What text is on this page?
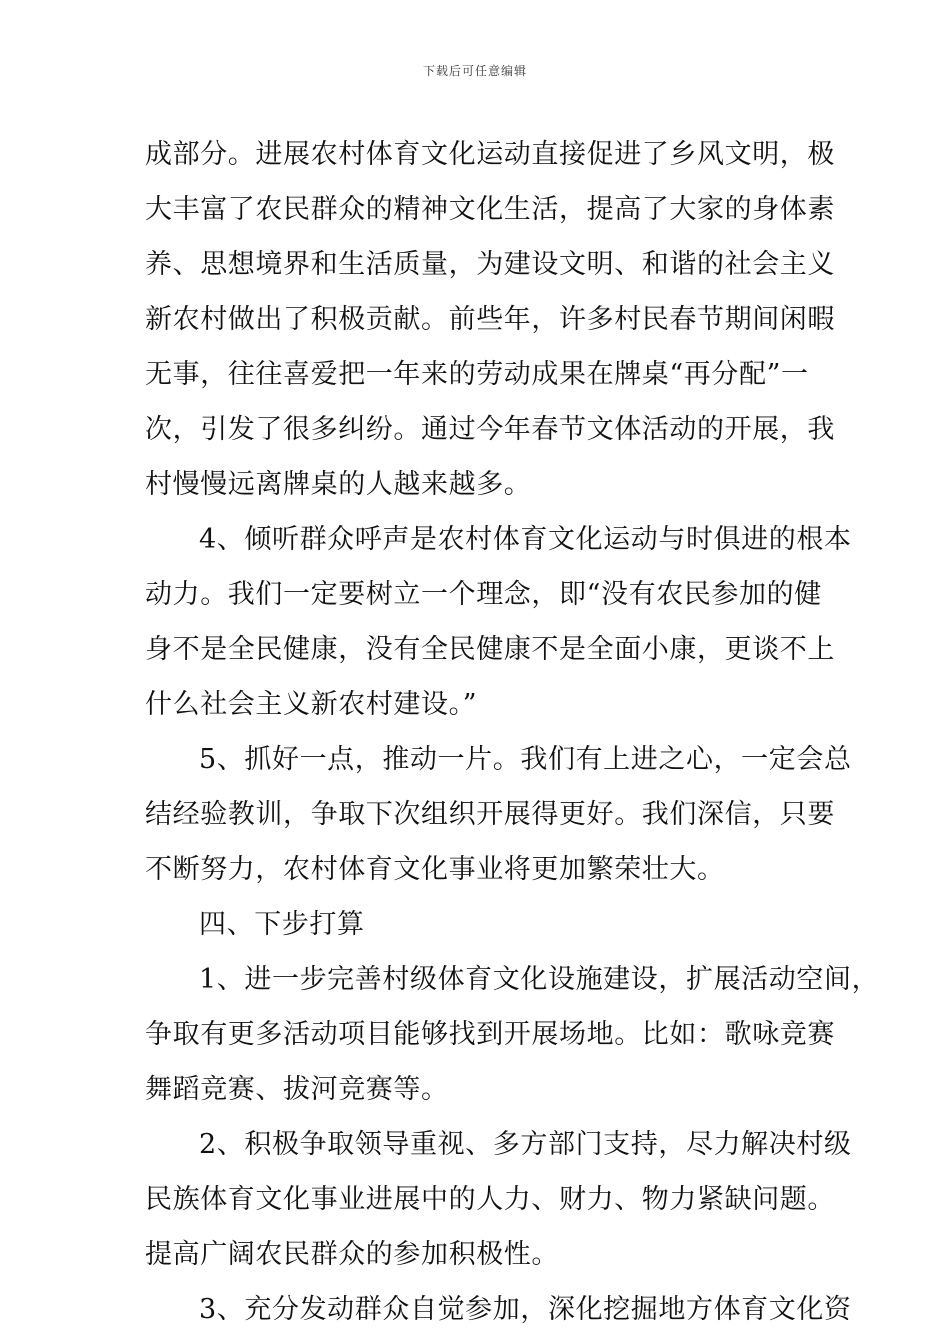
下载后可任意编辑
成部分。进展农村体育文化运动直接促进了乡风文明，极
大丰富了农民群众的精神文化生活，提高了大家的身体素
养、思想境界和生活质量，为建设文明、和谐的社会主义
新农村做出了积极贡献。前些年，许多村民春节期间闲暇
无事，往往喜爱把一年来的劳动成果在牌桌“再分配”一
次，引发了很多纠纷。通过今年春节文体活动的开展，我
村慢慢远离牌桌的人越来越多。
4、倾听群众呼声是农村体育文化运动与时俱进的根本
动力。我们一定要树立一个理念，即“没有农民参加的健
身不是全民健康，没有全民健康不是全面小康，更谈不上
什么社会主义新农村建设。”
5、抓好一点，推动一片。我们有上进之心，一定会总
结经验教训，争取下次组织开展得更好。我们深信，只要
不断努力，农村体育文化事业将更加繁荣壮大。
四、下步打算
1、进一步完善村级体育文化设施建设，扩展活动空间，
争取有更多活动项目能够找到开展场地。比如：歌咏竞赛
舞蹈竞赛、拔河竞赛等。
2、积极争取领导重视、多方部门支持，尽力解决村级
民族体育文化事业进展中的人力、财力、物力紧缺问题。
提高广阔农民群众的参加积极性。
3、充分发动群众自觉参加，深化挖掘地方体育文化资
